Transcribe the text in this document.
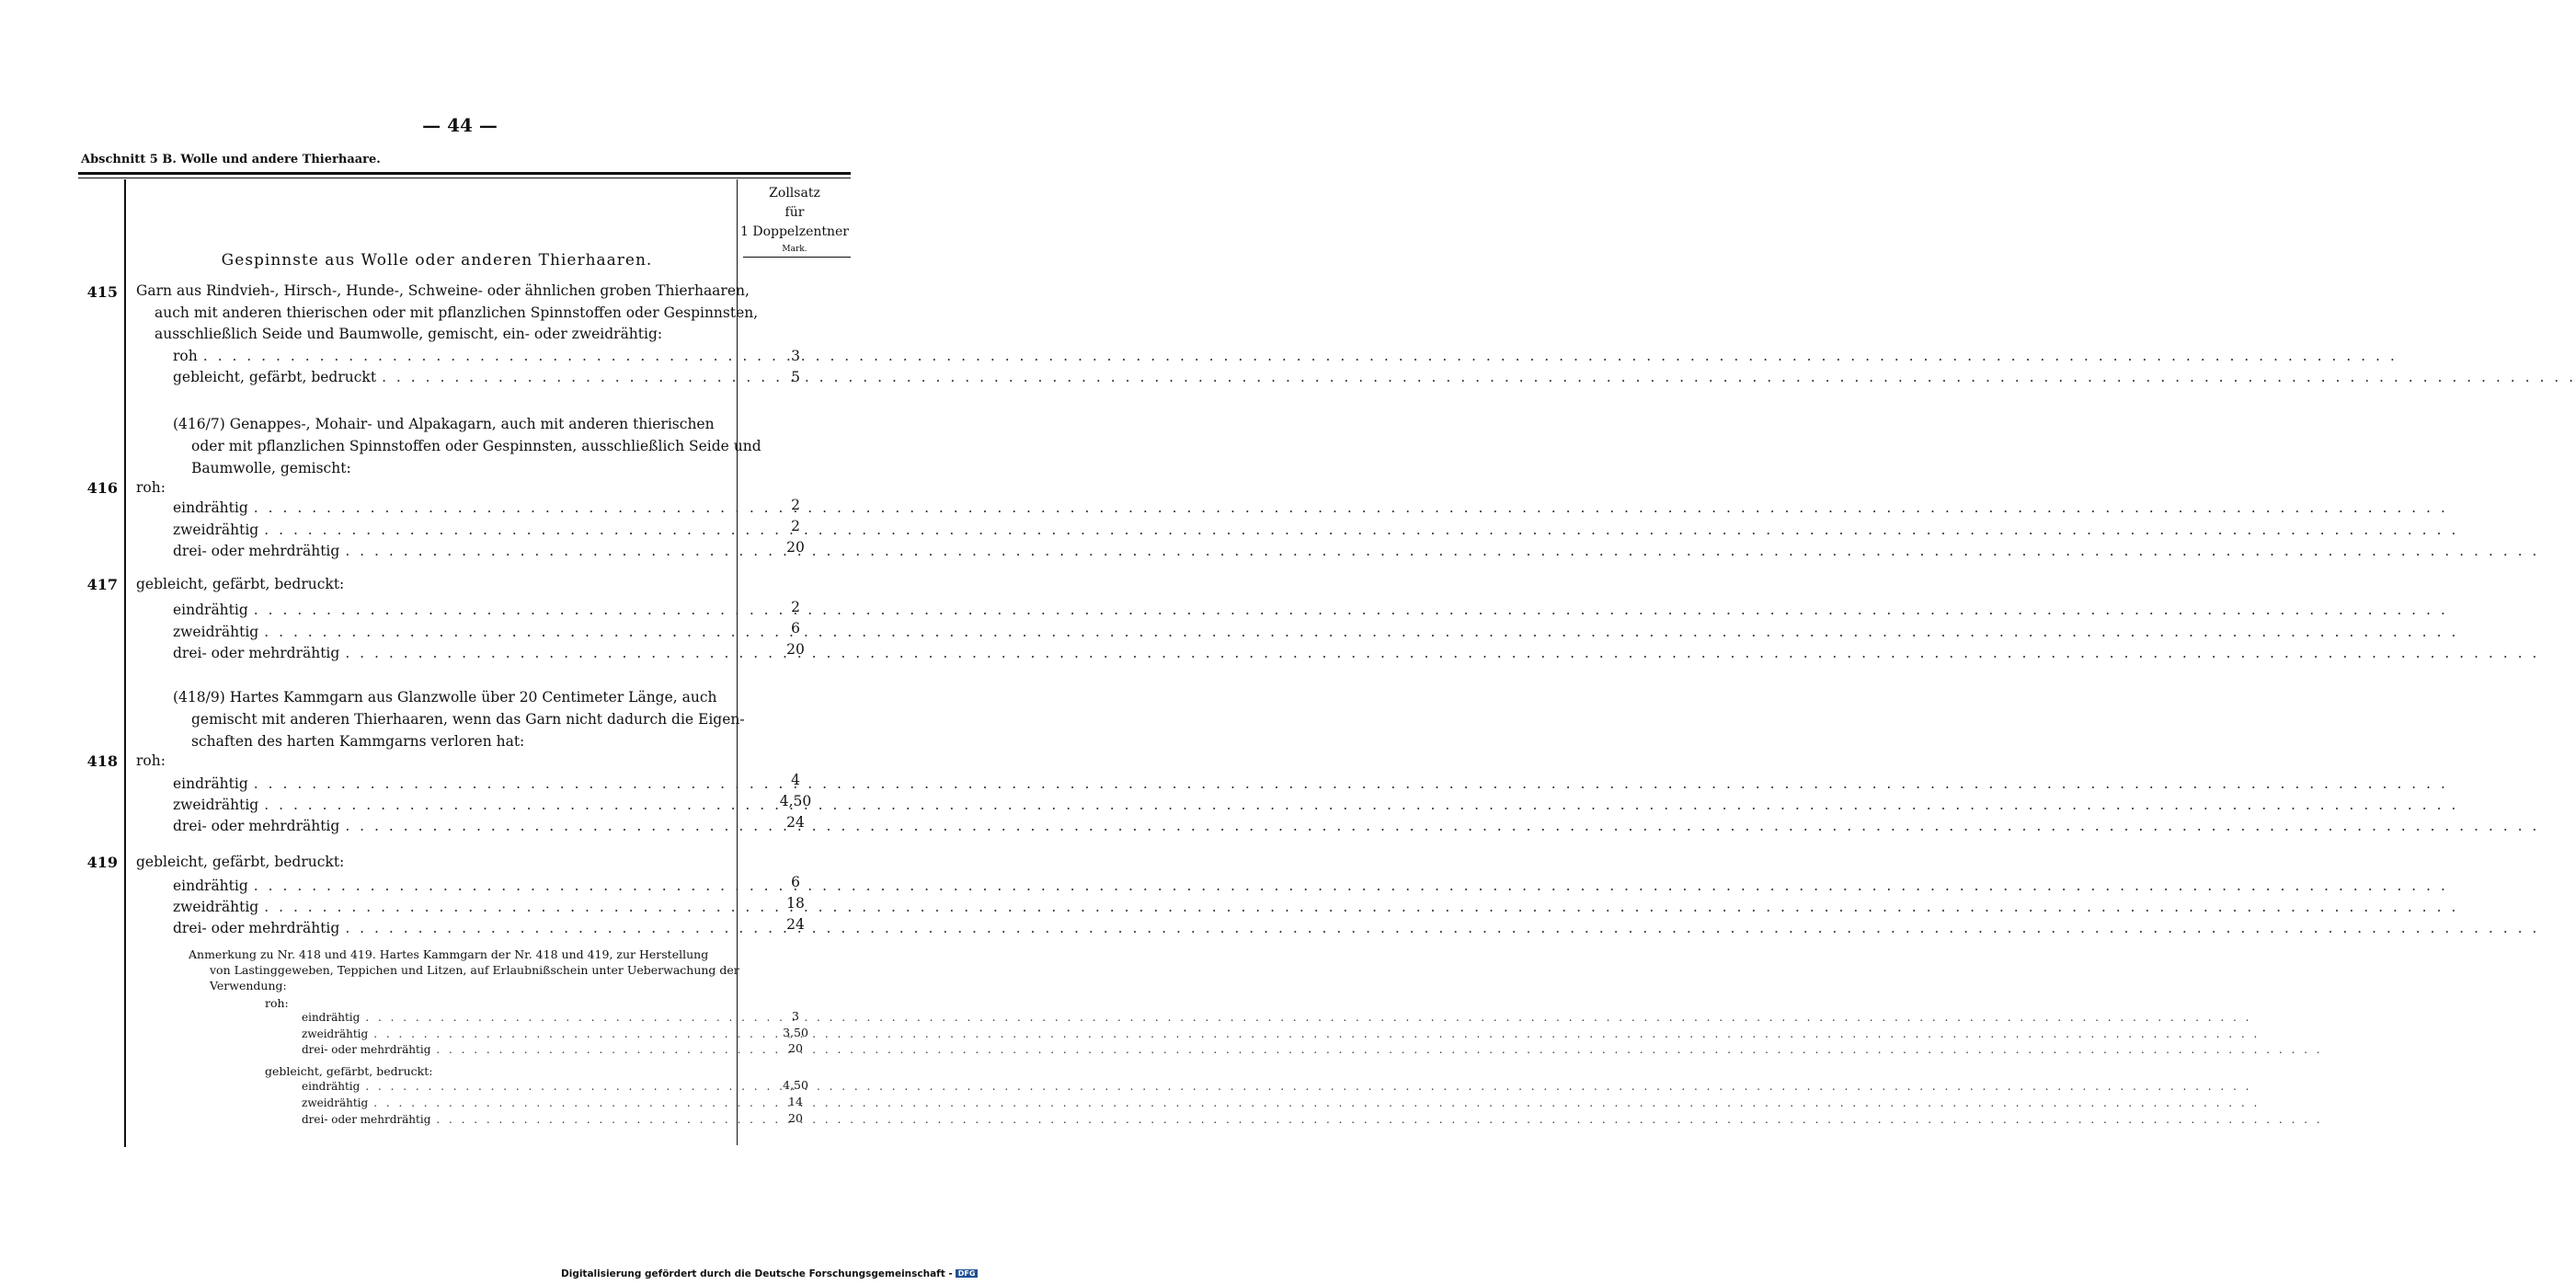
— 44 —
Abschnitt 5 B. Wolle und andere Thierhaare.
Zollsatz
für
1 Doppelzentner
Mark.
Gespinnste aus Wolle oder anderen Thierhaaren.
415 Garn aus Rindvieh-, Hirsch-, Hunde-, Schweine- oder ähnlichen groben Thierhaaren,
auch mit anderen thierischen oder mit pflanzlichen Spinnstoffen oder Gespinnsten,
ausschließlich Seide und Baumwolle, gemischt, ein- oder zweidrähtig:
roh . . .	3
gebleicht, gefärbt, bedruckt . . .	5
(416/7) Genappes-, Mohair- und Alpakagarn, auch mit anderen thierischen
oder mit pflanzlichen Spinnstoffen oder Gespinnsten, ausschließlich Seide und
Baumwolle, gemischt:
416 roh:
eindrähtig . . .	2
zweidrähtig . . .	2
drei- oder mehrdrähtig . . .	20
417 gebleicht, gefärbt, bedruckt:
eindrähtig . . .	2
zweidrähtig . . .	6
drei- oder mehrdrähtig . . .	20
(418/9) Hartes Kammgarn aus Glanzwolle über 20 Centimeter Länge, auch
gemischt mit anderen Thierhaaren, wenn das Garn nicht dadurch die Eigen-
schaften des harten Kammgarns verloren hat:
418 roh:
eindrähtig . . .	4
zweidrähtig . . .	4,50
drei- oder mehrdrähtig . . .	24
419 gebleicht, gefärbt, bedruckt:
eindrähtig . . .	6
zweidrähtig . . .	18
drei- oder mehrdrähtig . . .	24
Anmerkung zu Nr. 418 und 419. Hartes Kammgarn der Nr. 418 und 419, zur Herstellung
von Lastinggeweben, Teppichen und Litzen, auf Erlaubnißschein unter Ueberwachung der
Verwendung:
roh:
eindrähtig . . .	3
zweidrähtig . . .	3,50
drei- oder mehrdrähtig . . .	20
gebleicht, gefärbt, bedruckt:
eindrähtig . . .	4,50
zweidrähtig . . .	14
drei- oder mehrdrähtig . . .	20
Digitalisierung gefördert durch die Deutsche Forschungsgemeinschaft - DFG
